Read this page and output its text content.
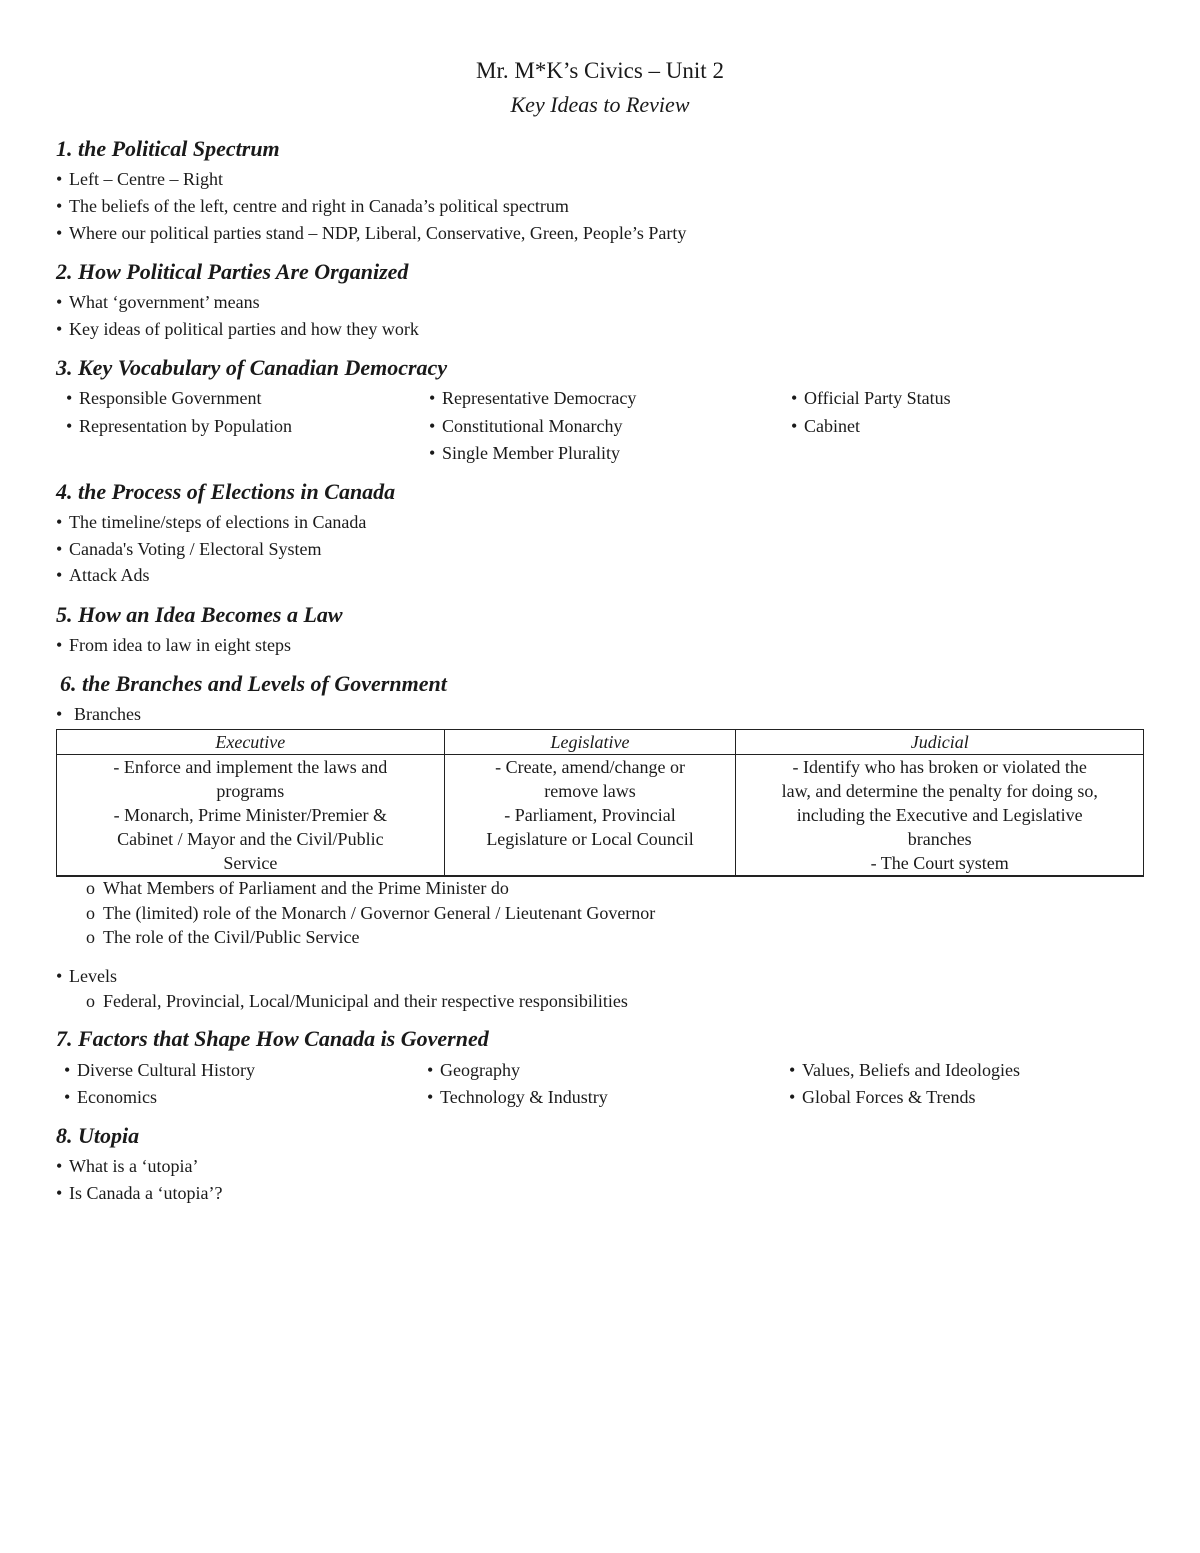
Mr. M*K’s Civics – Unit 2
Key Ideas to Review
1. the Political Spectrum
• Left – Centre – Right
• The beliefs of the left, centre and right in Canada’s political spectrum
• Where our political parties stand – NDP, Liberal, Conservative, Green, People’s Party
2. How Political Parties Are Organized
• What ‘government’ means
• Key ideas of political parties and how they work
3. Key Vocabulary of Canadian Democracy
• Responsible Government
• Representation by Population
• Representative Democracy
• Constitutional Monarchy
• Single Member Plurality
• Official Party Status
• Cabinet
4. the Process of Elections in Canada
• The timeline/steps of elections in Canada
• Canada's Voting / Electoral System
• Attack Ads
5. How an Idea Becomes a Law
• From idea to law in eight steps
6. the Branches and Levels of Government
• Branches
Executive	Legislative	Judicial

- Enforce and implement the laws and
programs
- Monarch, Prime Minister/Premier &
Cabinet / Mayor and the Civil/Public
Service	- Create, amend/change or
remove laws
- Parliament, Provincial
Legislature or Local Council	- Identify who has broken or violated the
law, and determine the penalty for doing so,
including the Executive and Legislative
branches
- The Court system
o What Members of Parliament and the Prime Minister do
o The (limited) role of the Monarch / Governor General / Lieutenant Governor
o The role of the Civil/Public Service
• Levels
o Federal, Provincial, Local/Municipal and their respective responsibilities
7. Factors that Shape How Canada is Governed
• Diverse Cultural History
• Economics
• Geography
• Technology & Industry
• Values, Beliefs and Ideologies
• Global Forces & Trends
8. Utopia
• What is a ‘utopia’
• Is Canada a ‘utopia’?
